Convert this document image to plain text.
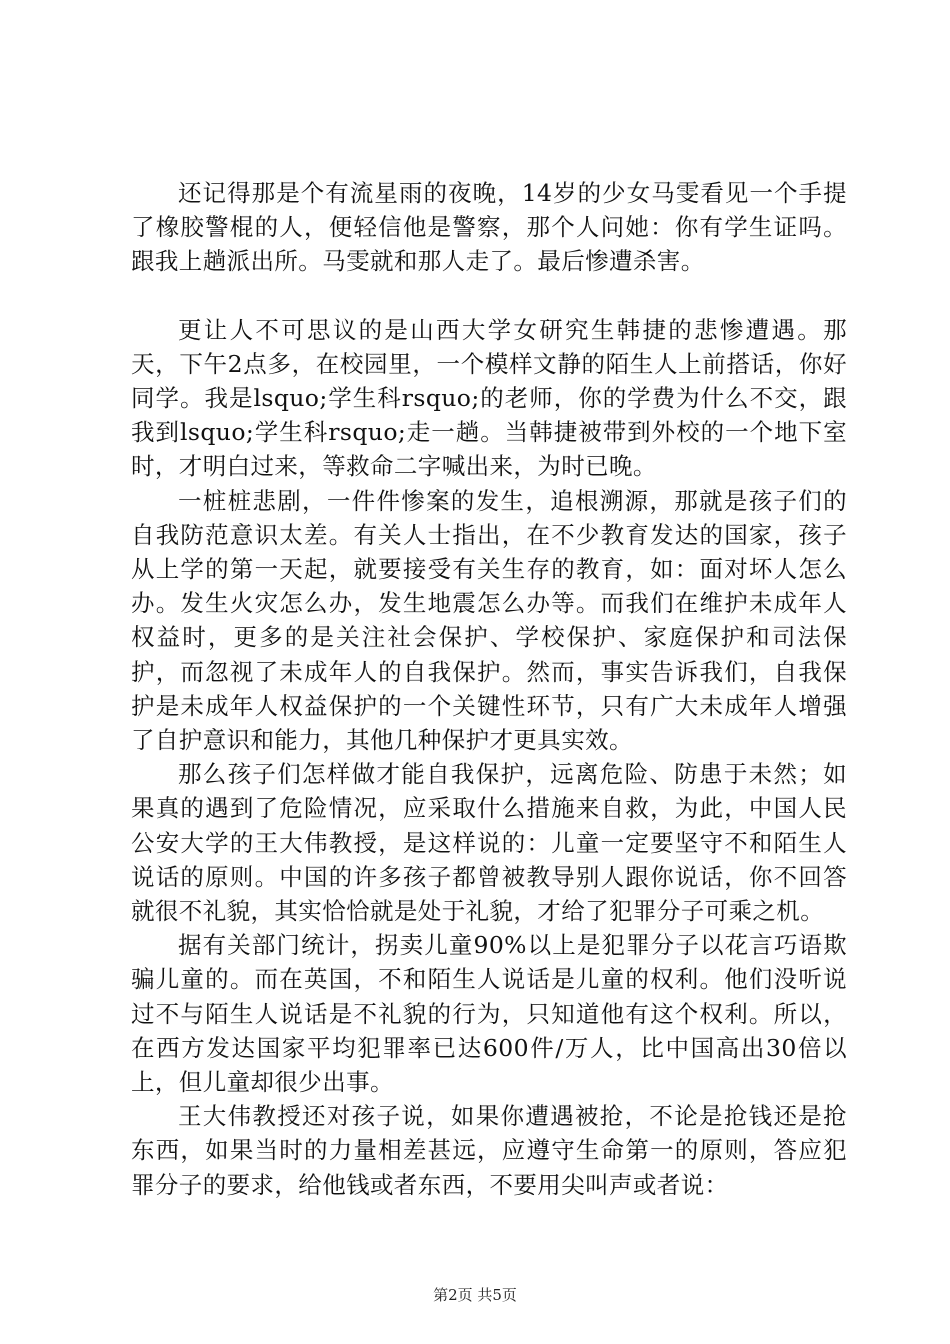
还记得那是个有流星雨的夜晚，14岁的少女马雯看见一个手提了橡胶警棍的人，便轻信他是警察，那个人问她：你有学生证吗。跟我上趟派出所。马雯就和那人走了。最后惨遭杀害。

更让人不可思议的是山西大学女研究生韩捷的悲惨遭遇。那天，下午2点多，在校园里，一个模样文静的陌生人上前搭话，你好同学。我是lsquo;学生科rsquo;的老师，你的学费为什么不交，跟我到lsquo;学生科rsquo;走一趟。当韩捷被带到外校的一个地下室时，才明白过来，等救命二字喊出来，为时已晚。

一桩桩悲剧，一件件惨案的发生，追根溯源，那就是孩子们的自我防范意识太差。有关人士指出，在不少教育发达的国家，孩子从上学的第一天起，就要接受有关生存的教育，如：面对坏人怎么办。发生火灾怎么办，发生地震怎么办等。而我们在维护未成年人权益时，更多的是关注社会保护、学校保护、家庭保护和司法保护，而忽视了未成年人的自我保护。然而，事实告诉我们，自我保护是未成年人权益保护的一个关键性环节，只有广大未成年人增强了自护意识和能力，其他几种保护才更具实效。

那么孩子们怎样做才能自我保护，远离危险、防患于未然；如果真的遇到了危险情况，应采取什么措施来自救，为此，中国人民公安大学的王大伟教授，是这样说的：儿童一定要坚守不和陌生人说话的原则。中国的许多孩子都曾被教导别人跟你说话，你不回答就很不礼貌，其实恰恰就是处于礼貌，才给了犯罪分子可乘之机。

据有关部门统计，拐卖儿童90%以上是犯罪分子以花言巧语欺骗儿童的。而在英国，不和陌生人说话是儿童的权利。他们没听说过不与陌生人说话是不礼貌的行为，只知道他有这个权利。所以，在西方发达国家平均犯罪率已达600件/万人，比中国高出30倍以上，但儿童却很少出事。

王大伟教授还对孩子说，如果你遭遇被抢，不论是抢钱还是抢东西，如果当时的力量相差甚远，应遵守生命第一的原则，答应犯罪分子的要求，给他钱或者东西，不要用尖叫声或者说：

第2页 共5页
